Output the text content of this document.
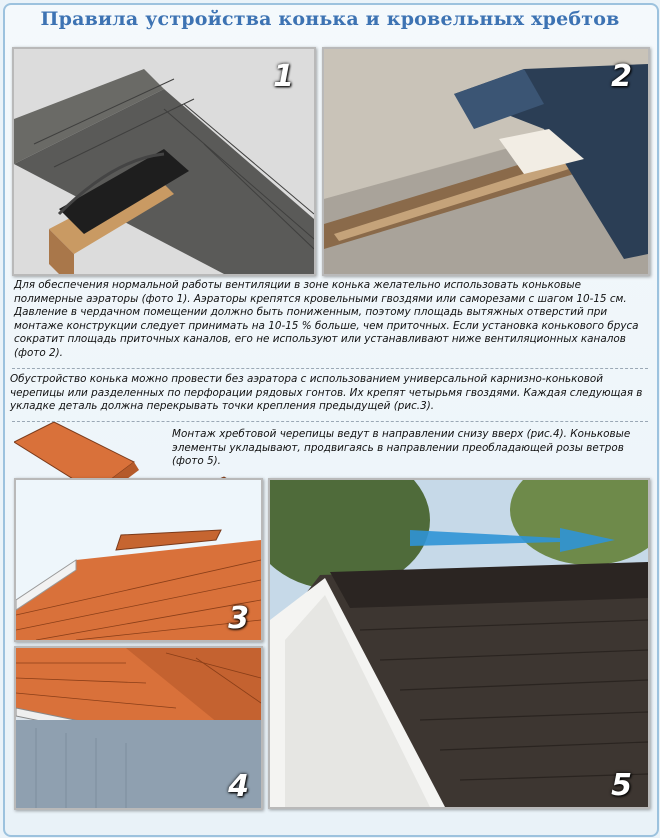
Правила устройства конька и кровельных хребтов
1	2
Для обеспечения нормальной работы вентиляции в зоне конька желательно использовать коньковые полимерные аэраторы (фото 1). Аэраторы крепятся кровельными гвоздями или саморезами с шагом 10-15 см. Давление в чердачном помещении должно быть пониженным, поэтому площадь вытяжных отверстий при монтаже конструкции следует принимать на 10-15 % больше, чем приточных. Если установка конькового бруса сократит площадь приточных каналов, его не используют или устанавливают ниже вентиляционных каналов (фото 2).
Обустройство конька можно провести без аэратора с использованием универсальной карнизно-коньковой черепицы или разделенных по перфорации рядовых гонтов. Их крепят четырьмя гвоздями. Каждая следующая в укладке деталь должна перекрывать точки крепления предыдущей (рис.3).
Монтаж хребтовой черепицы ведут в направлении снизу вверх (рис.4). Коньковые элементы укладывают, продвигаясь в направлении преобладающей розы ветров (фото 5).
3
4	5
